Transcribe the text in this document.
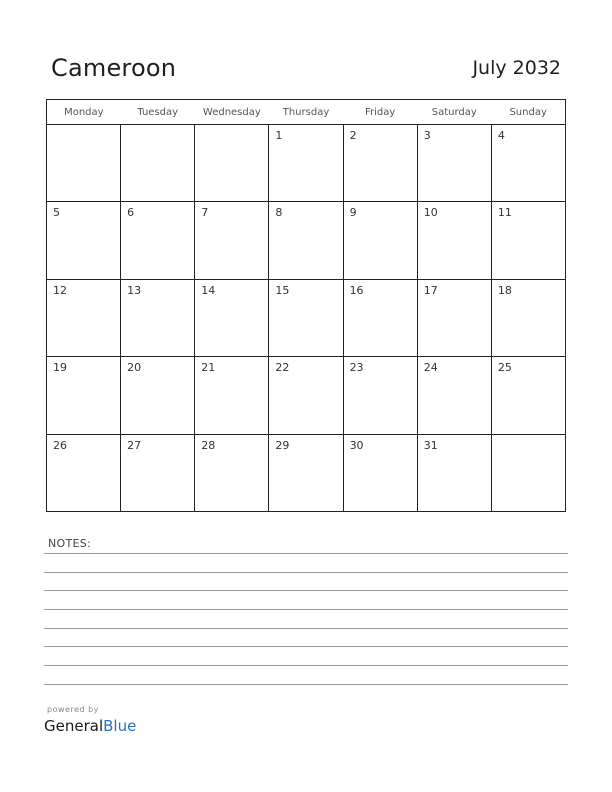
Cameroon	July 2032
Monday	Tuesday	Wednesday	Thursday	Friday	Saturday	Sunday
			1	2	3	4
5	6	7	8	9	10	11
12	13	14	15	16	17	18
19	20	21	22	23	24	25
26	27	28	29	30	31	
NOTES:
powered by
GeneralBlue
